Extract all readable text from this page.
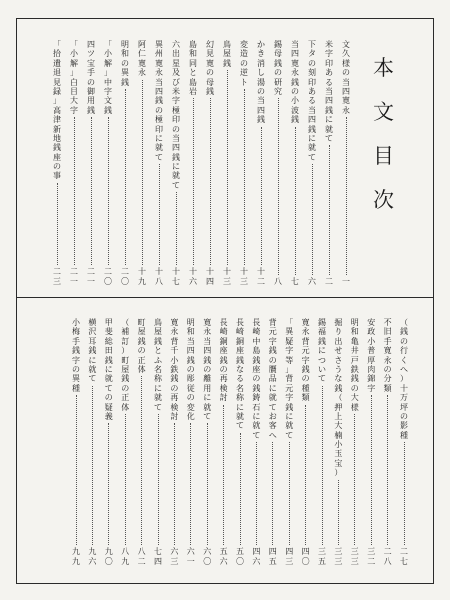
本
文
目
次
文
久
様
の
当
四
寛
永
一
米
字
印
あ
る
当
四
銭
に
就
て
二
下
タ
の
刻
印
あ
る
当
四
銭
に
就
て
六
当
四
寛
永
銭
の
小
波
銭
七
錫
母
銭
の
研
究
八
か
き
消
し
湯
の
当
四
銭
十
二
変
造
の
逆
ト
十
三
鳥
屋
銭
十
三
幻
見
寛
の
母
銭
十
四
島
和
同
と
島
岩
十
六
六
出
星
及
び
米
字
極
印
の
当
四
銭
に
就
て
十
七
異
州
寛
永
当
四
銭
の
極
印
に
就
て
十
八
阿
仁
寛
永
十
九
明
和
の
異
銭
二
〇
「
小
解
」
中
字
文
銭
二
〇
四
ツ
宝
手
の
御
用
銭
二
一
「
小
解
」
白
目
大
字
二
一
「
拾
遺
退
見
録
」
高
津
新
地
銭
座
の
事
二
三
（
銭
の
行
く
へ
）
十
万
坪
の
影
種
二
七
不
旧
手
寛
永
の
分
類
二
八
安
政
小
普
厚
肉
錦
字
三
二
明
和
亀
井
戸
鉄
銭
の
大
様
三
三
掘
り
出
せ
さ
う
な
銭
（
押
上
大
楠
小
玉
宝
）
三
三
錫
福
銭
に
つ
い
て
三
五
寛
永
背
元
字
銭
の
種
類
四
〇
「
異
疑
字
等
」
背
元
字
銭
に
就
て
四
三
背
元
字
銭
の
贋
品
に
就
て
お
客
へ
四
五
長
崎
中
島
銭
座
の
銭
鋳
石
に
就
て
四
六
長
崎
銅
座
銭
な
る
名
称
に
就
て
五
〇
長
崎
銅
座
銭
の
再
検
討
五
六
寛
永
当
四
銭
の
離
用
に
就
て
六
〇
明
和
当
四
銭
の
彫
従
の
変
化
六
一
寛
永
背
千
小
鉄
銭
の
再
検
討
六
三
鳥
屋
銭
と
ふ
名
称
に
就
て
七
四
町
屋
銭
の
正
体
八
二
（
補
訂
）
町
屋
銭
の
正
体
八
九
甲
斐
総
田
銭
に
就
て
の
疑
義
九
〇
横
沢
耳
銭
に
就
て
九
六
小
梅
手
銭
字
の
異
種
九
九
